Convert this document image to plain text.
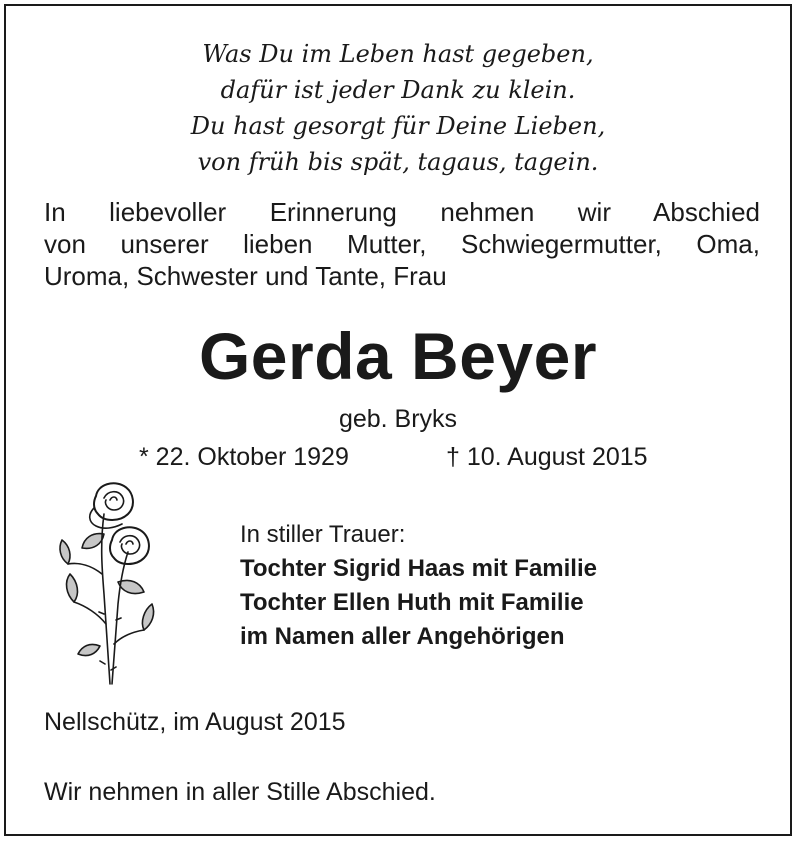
Was Du im Leben hast gegeben,
dafür ist jeder Dank zu klein.
Du hast gesorgt für Deine Lieben,
von früh bis spät, tagaus, tagein.
In liebevoller Erinnerung nehmen wir Abschied
von unserer lieben Mutter, Schwiegermutter, Oma,
Uroma, Schwester und Tante, Frau
Gerda Beyer
geb. Bryks
* 22. Oktober 1929	† 10. August 2015
In stiller Trauer:
Tochter Sigrid Haas mit Familie
Tochter Ellen Huth mit Familie
im Namen aller Angehörigen
Nellschütz, im August 2015
Wir nehmen in aller Stille Abschied.
